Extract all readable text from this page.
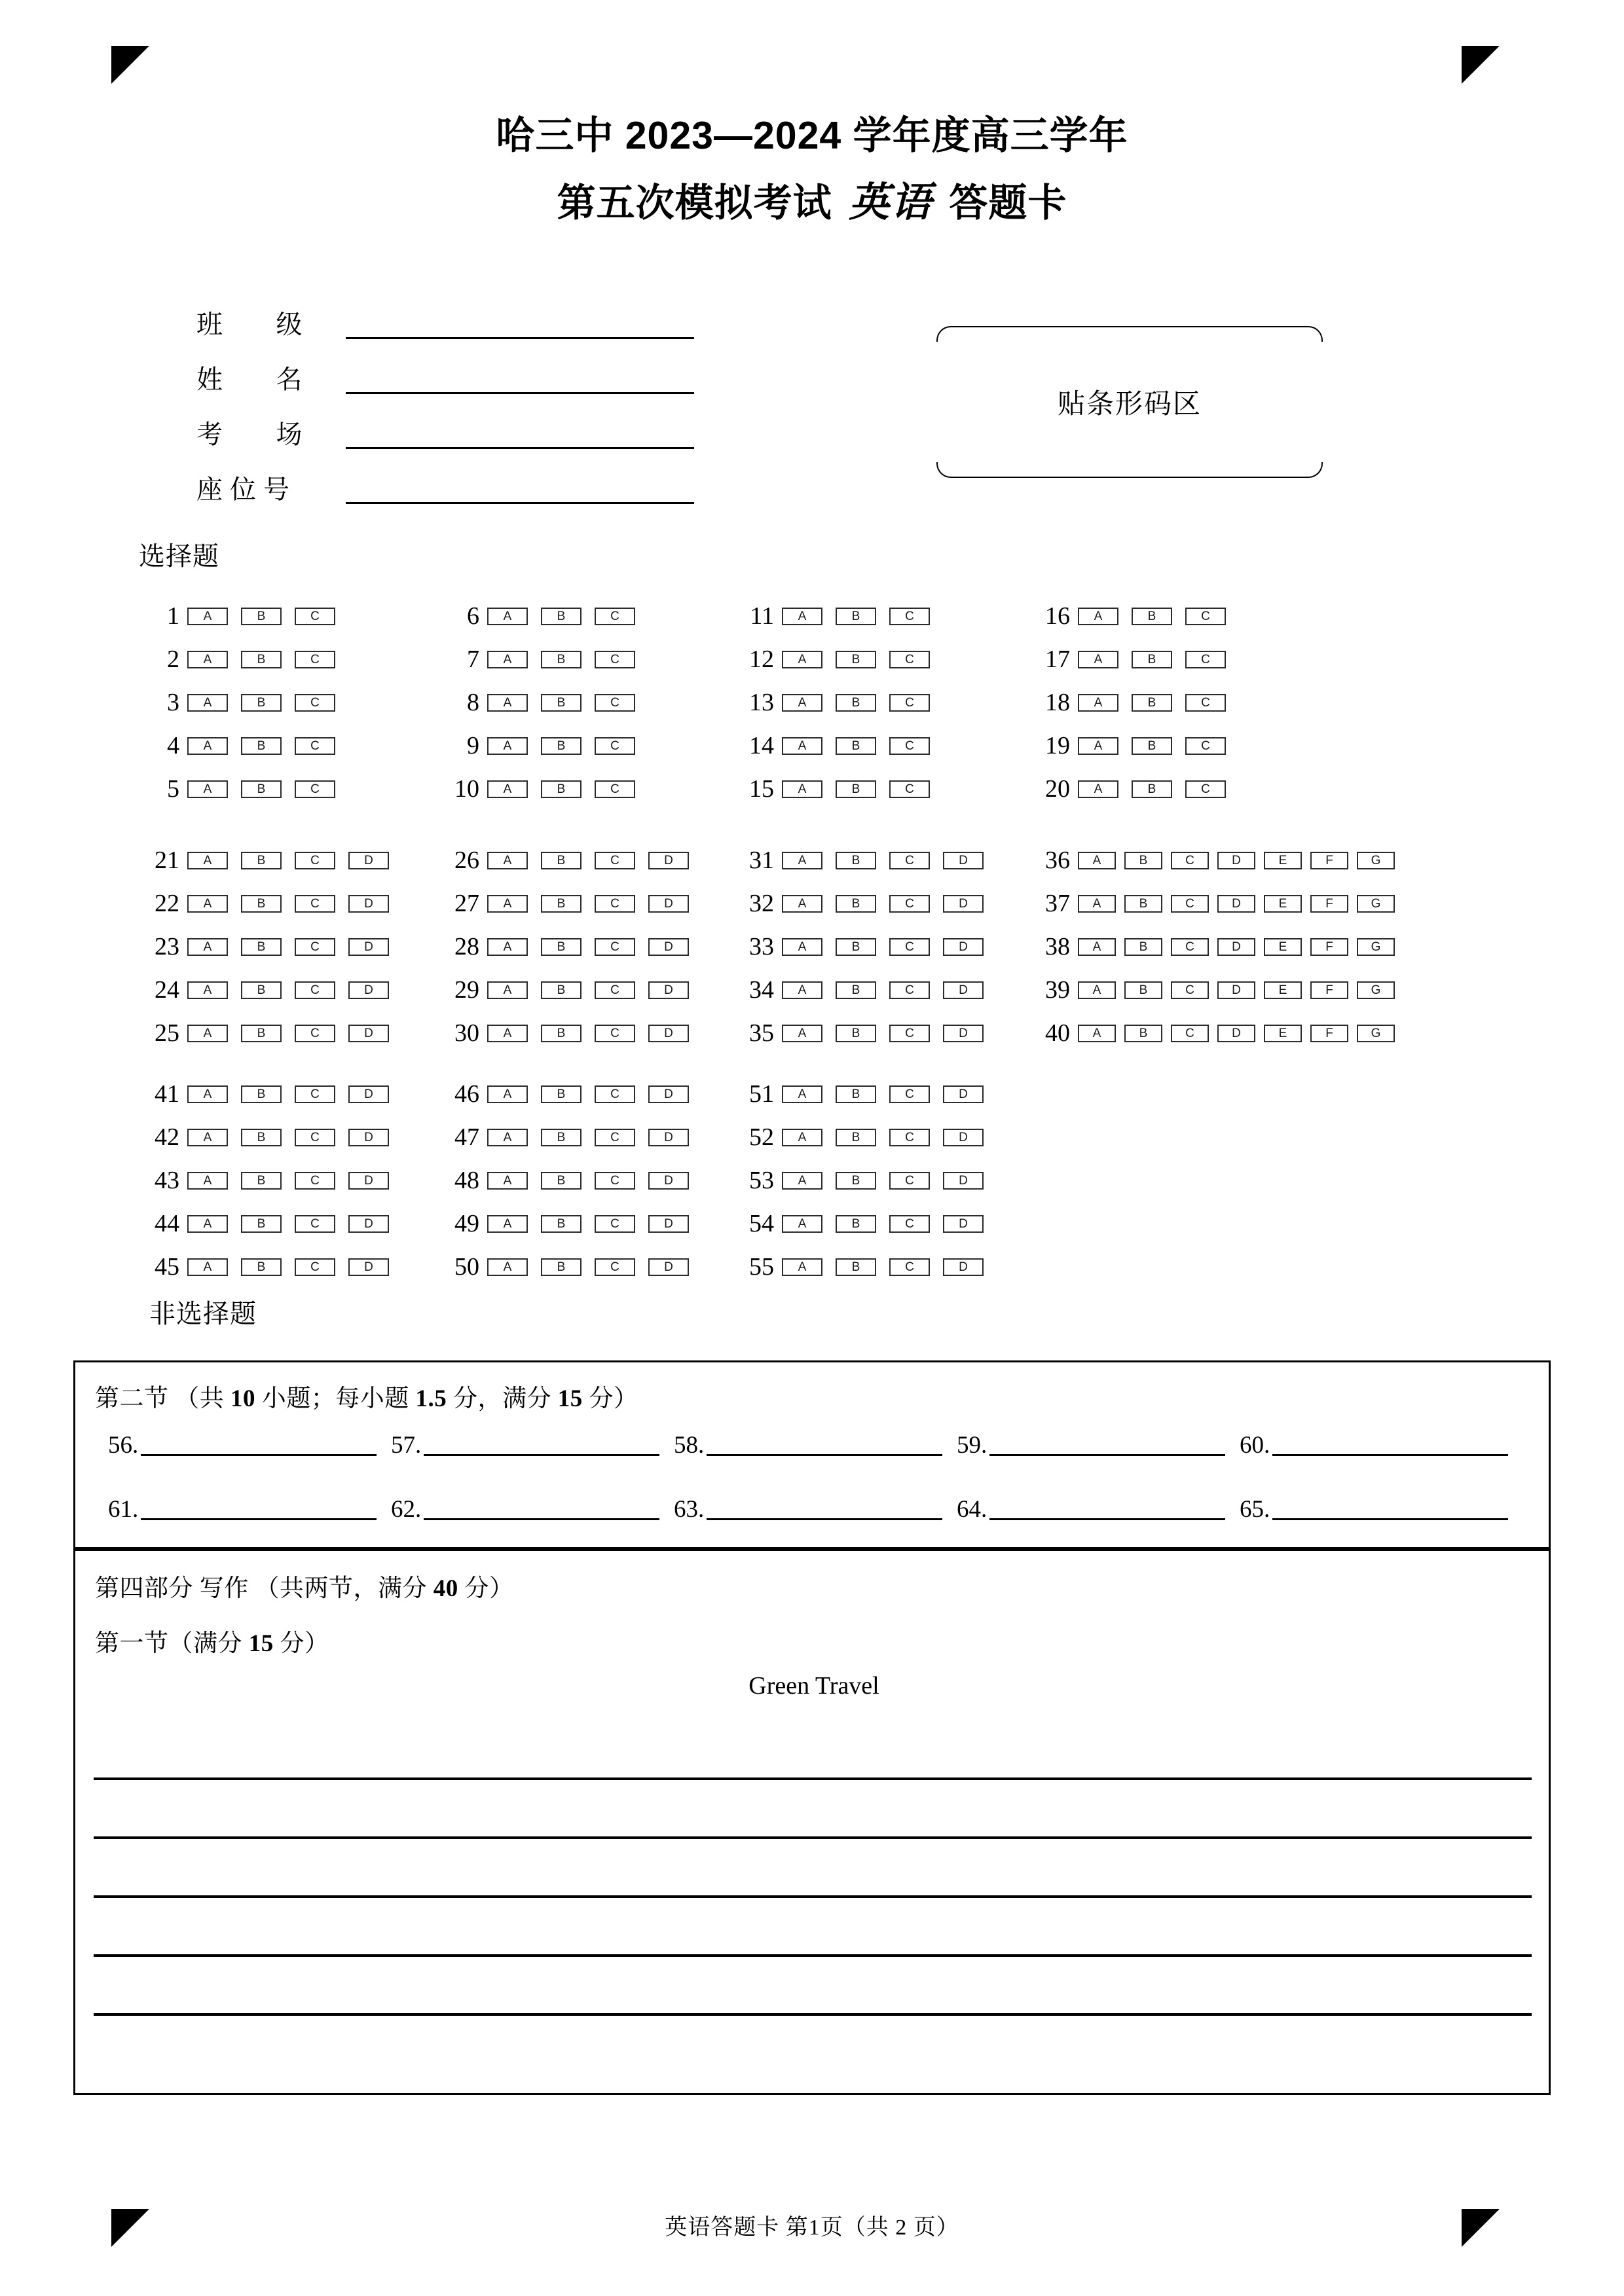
哈三中 2023—2024 学年度高三学年
第五次模拟考试 英语 答题卡
班　　级
姓　　名
考　　场
座 位 号
贴条形码区
选择题
1	A	B	C
2	A	B	C
3	A	B	C
4	A	B	C
5	A	B	C
6	A	B	C
7	A	B	C
8	A	B	C
9	A	B	C
10	A	B	C
11	A	B	C
12	A	B	C
13	A	B	C
14	A	B	C
15	A	B	C
16	A	B	C
17	A	B	C
18	A	B	C
19	A	B	C
20	A	B	C
21	A	B	C	D
22	A	B	C	D
23	A	B	C	D
24	A	B	C	D
25	A	B	C	D
26	A	B	C	D
27	A	B	C	D
28	A	B	C	D
29	A	B	C	D
30	A	B	C	D
31	A	B	C	D
32	A	B	C	D
33	A	B	C	D
34	A	B	C	D
35	A	B	C	D
36	A	B	C	D	E	F	G
37	A	B	C	D	E	F	G
38	A	B	C	D	E	F	G
39	A	B	C	D	E	F	G
40	A	B	C	D	E	F	G
41	A	B	C	D
42	A	B	C	D
43	A	B	C	D
44	A	B	C	D
45	A	B	C	D
46	A	B	C	D
47	A	B	C	D
48	A	B	C	D
49	A	B	C	D
50	A	B	C	D
51	A	B	C	D
52	A	B	C	D
53	A	B	C	D
54	A	B	C	D
55	A	B	C	D
非选择题
第二节 （共 10 小题；每小题 1.5 分，满分 15 分）
56.	57.	58.	59.	60.
61.	62.	63.	64.	65.
第四部分 写作 （共两节，满分 40 分）
第一节（满分 15 分）
Green Travel
英语答题卡 第1页（共 2 页）
